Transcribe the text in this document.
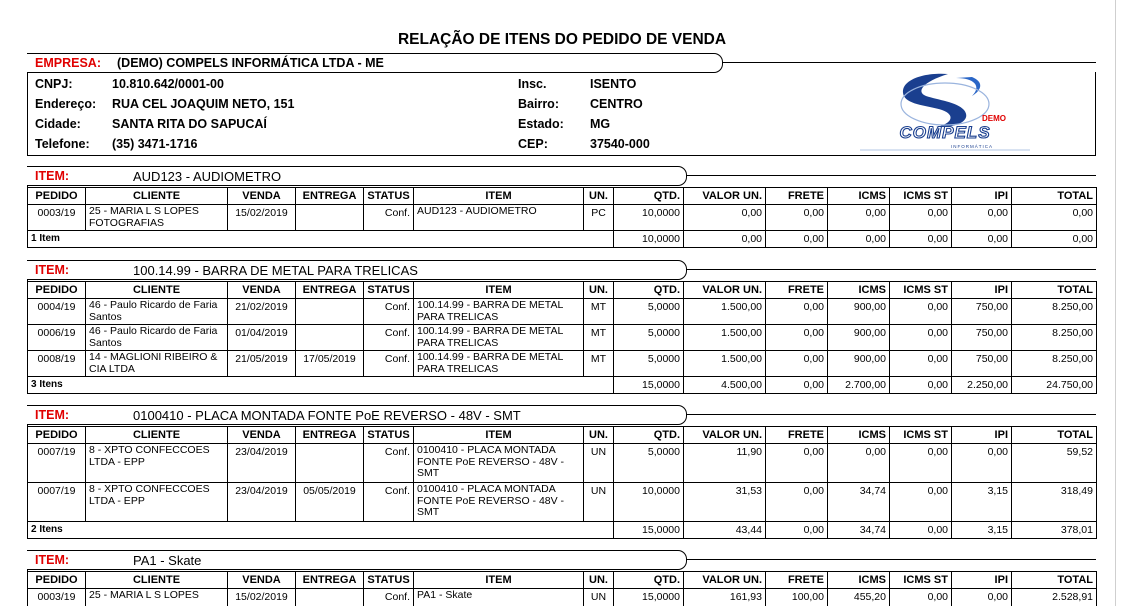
RELAÇÃO DE ITENS DO PEDIDO DE VENDA
EMPRESA: (DEMO) COMPELS INFORMÁTICA LTDA - ME
CNPJ:	10.810.642/0001-00
Endereço: RUA CEL JOAQUIM NETO, 151
Cidade: SANTA RITA DO SAPUCAÍ
Telefone: (35) 3471-1716
Insc.	ISENTO
Bairro: CENTRO
Estado: MG
CEP:	37540-000
DEMO
COMPELS
INFORMÁTICA
ITEM:	AUD123 - AUDIOMETRO
PEDIDO	CLIENTE	VENDA	ENTREGA	STATUS	ITEM	UN.	QTD.	VALOR UN.	FRETE	ICMS	ICMS ST	IPI	TOTAL
0003/19	25 - MARIA L S LOPES FOTOGRAFIAS	15/02/2019		Conf.	AUD123 - AUDIOMETRO	PC	10,0000	0,00	0,00	0,00	0,00	0,00	0,00
1 Item							10,0000	0,00	0,00	0,00	0,00	0,00	0,00
ITEM:	100.14.99 - BARRA DE METAL PARA TRELICAS
PEDIDO	CLIENTE	VENDA	ENTREGA	STATUS	ITEM	UN.	QTD.	VALOR UN.	FRETE	ICMS	ICMS ST	IPI	TOTAL
0004/19	46 - Paulo Ricardo de Faria Santos	21/02/2019		Conf.	100.14.99 - BARRA DE METAL PARA TRELICAS	MT	5,0000	1.500,00	0,00	900,00	0,00	750,00	8.250,00
0006/19	46 - Paulo Ricardo de Faria Santos	01/04/2019		Conf.	100.14.99 - BARRA DE METAL PARA TRELICAS	MT	5,0000	1.500,00	0,00	900,00	0,00	750,00	8.250,00
0008/19	14 - MAGLIONI RIBEIRO & CIA LTDA	21/05/2019	17/05/2019	Conf.	100.14.99 - BARRA DE METAL PARA TRELICAS	MT	5,0000	1.500,00	0,00	900,00	0,00	750,00	8.250,00
3 Itens							15,0000	4.500,00	0,00	2.700,00	0,00	2.250,00	24.750,00
ITEM:	0100410 - PLACA MONTADA FONTE PoE REVERSO - 48V - SMT
PEDIDO	CLIENTE	VENDA	ENTREGA	STATUS	ITEM	UN.	QTD.	VALOR UN.	FRETE	ICMS	ICMS ST	IPI	TOTAL
0007/19	8 - XPTO CONFECCOES LTDA - EPP	23/04/2019		Conf.	0100410 - PLACA MONTADA FONTE PoE REVERSO - 48V - SMT	UN	5,0000	11,90	0,00	0,00	0,00	0,00	59,52
0007/19	8 - XPTO CONFECCOES LTDA - EPP	23/04/2019	05/05/2019	Conf.	0100410 - PLACA MONTADA FONTE PoE REVERSO - 48V - SMT	UN	10,0000	31,53	0,00	34,74	0,00	3,15	318,49
2 Itens							15,0000	43,44	0,00	34,74	0,00	3,15	378,01
ITEM:	PA1 - Skate
PEDIDO	CLIENTE	VENDA	ENTREGA	STATUS	ITEM	UN.	QTD.	VALOR UN.	FRETE	ICMS	ICMS ST	IPI	TOTAL
0003/19	25 - MARIA L S LOPES	15/02/2019		Conf.	PA1 - Skate	UN	15,0000	161,93	100,00	455,20	0,00	0,00	2.528,91
